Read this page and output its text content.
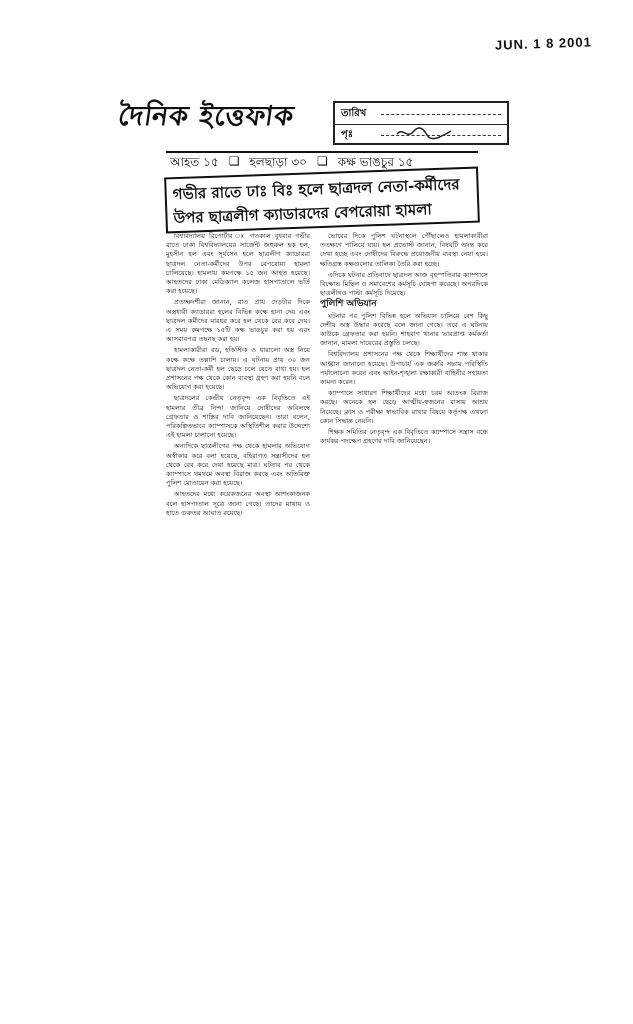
JUN. 1 8 2001
দৈনিক ইত্তেফাক	তারিখ
পৃঃ
আহত ১৫ ❏ হলছাড়া ৩০ ❏ কক্ষ ভাঙচুর ১৫
গভীর রাতে ঢাঃ বিঃ হলে ছাত্রদল নেতা-কর্মীদের
উপর ছাত্রলীগ ক্যাডারদের বেপরোয়া হামলা

বিশ্ববিদ্যালয় রিপোর্টার ঃ গতকাল বুধবার গভীর রাতে ঢাকা বিশ্ববিদ্যালয়ের সার্জেন্ট জহুরুল হক হল, মুহসীন হল এবং সূর্যসেন হলে ছাত্রলীগ ক্যাডাররা ছাত্রদল নেতা-কর্মীদের উপর বেপরোয়া হামলা চালিয়েছে। হামলায় কমপক্ষে ১৫ জন আহত হয়েছে। আহতদের ঢাকা মেডিক্যাল কলেজ হাসপাতালে ভর্তি করা হয়েছে।

প্রত্যক্ষদর্শীরা জানান, রাত প্রায় দেড়টার দিকে অস্ত্রধারী ক্যাডাররা হলের বিভিন্ন কক্ষে হানা দেয় এবং ছাত্রদল কর্মীদের মারধর করে হল থেকে বের করে দেয়। এ সময় কমপক্ষে ১৫টি কক্ষ ভাঙচুর করা হয় এবং আসবাবপত্র তছনছ করা হয়।

হামলাকারীরা রড, হকিস্টিক ও ধারালো অস্ত্র নিয়ে কক্ষে কক্ষে তল্লাশি চালায়। এ ঘটনায় প্রায় ৩০ জন ছাত্রদল নেতা-কর্মী হল ছেড়ে চলে যেতে বাধ্য হয়। হল প্রশাসনের পক্ষ থেকে কোন ব্যবস্থা গ্রহণ করা হয়নি বলে অভিযোগ করা হয়েছে।

ছাত্রদলের কেন্দ্রীয় নেতৃবৃন্দ এক বিবৃতিতে এই হামলার তীব্র নিন্দা জানিয়ে দোষীদের অবিলম্বে গ্রেফতার ও শাস্তির দাবি জানিয়েছেন। তারা বলেন, পরিকল্পিতভাবে ক্যাম্পাসকে অস্থিতিশীল করার উদ্দেশ্যে এই হামলা চালানো হয়েছে।

অন্যদিকে ছাত্রলীগের পক্ষ থেকে হামলার অভিযোগ অস্বীকার করে বলা হয়েছে, বহিরাগত সন্ত্রাসীদের হল থেকে বের করে দেয়া হয়েছে মাত্র। ঘটনার পর থেকে ক্যাম্পাসে থমথমে অবস্থা বিরাজ করছে এবং অতিরিক্ত পুলিশ মোতায়েন করা হয়েছে।

আহতদের মধ্যে কয়েকজনের অবস্থা আশংকাজনক বলে হাসপাতাল সূত্রে জানা গেছে। তাদের মাথায় ও হাতে গুরুতর আঘাত রয়েছে।

ভোরের দিকে পুলিশ ঘটনাস্থলে পৌঁছালেও হামলাকারীরা ততক্ষণে পালিয়ে যায়। হল প্রভোস্ট জানান, বিষয়টি তদন্ত করে দেখা হচ্ছে এবং দোষীদের বিরুদ্ধে প্রয়োজনীয় ব্যবস্থা নেয়া হবে। ক্ষতিগ্রস্ত কক্ষগুলোর তালিকা তৈরি করা হচ্ছে।

এদিকে ঘটনার প্রতিবাদে ছাত্রদল আজ বৃহস্পতিবার ক্যাম্পাসে বিক্ষোভ মিছিল ও সমাবেশের কর্মসূচি ঘোষণা করেছে। অপরদিকে ছাত্রলীগও পাল্টা কর্মসূচি দিয়েছে।

পুলিশি অভিযান

ঘটনার পর পুলিশ বিভিন্ন হলে অভিযান চালিয়ে বেশ কিছু দেশীয় অস্ত্র উদ্ধার করেছে বলে জানা গেছে। তবে এ ঘটনায় কাউকে গ্রেফতার করা হয়নি। শাহবাগ থানার ভারপ্রাপ্ত কর্মকর্তা জানান, মামলা দায়েরের প্রস্তুতি চলছে।

বিশ্ববিদ্যালয় প্রশাসনের পক্ষ থেকে শিক্ষার্থীদের শান্ত থাকার আহ্বান জানানো হয়েছে। উপাচার্য এক জরুরি সভায় পরিস্থিতি পর্যালোচনা করেন এবং আইন-শৃঙ্খলা রক্ষাকারী বাহিনীর সহায়তা কামনা করেন।

ক্যাম্পাসে সাধারণ শিক্ষার্থীদের মধ্যে চরম আতংক বিরাজ করছে। অনেকে হল ছেড়ে আত্মীয়-স্বজনের বাসায় আশ্রয় নিয়েছে। ক্লাস ও পরীক্ষা স্বাভাবিক রাখার বিষয়ে কর্তৃপক্ষ এখনো কোন সিদ্ধান্ত নেয়নি।

শিক্ষক সমিতির নেতৃবৃন্দ এক বিবৃতিতে ক্যাম্পাসে সন্ত্রাস বন্ধে কার্যকর পদক্ষেপ গ্রহণের দাবি জানিয়েছেন।
